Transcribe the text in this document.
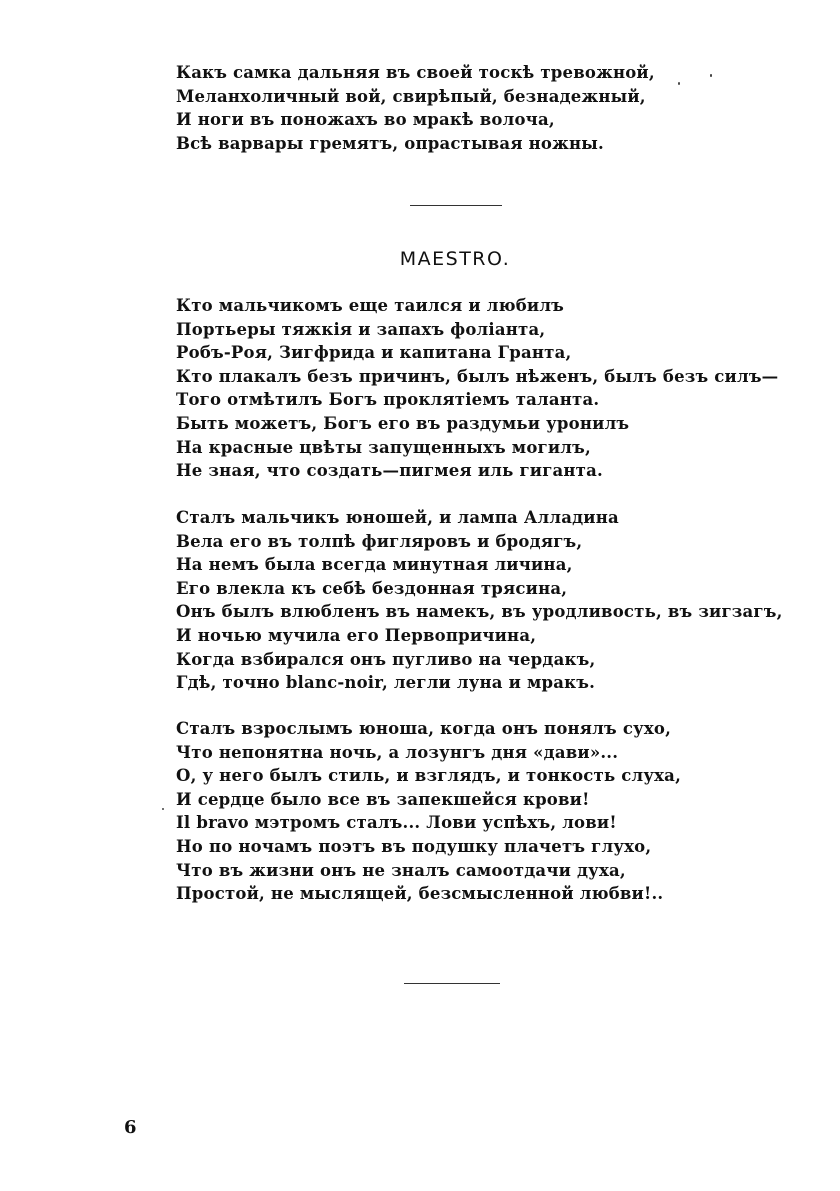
Какъ самка дальняя въ своей тоскѣ тревожной,
Меланхоличный вой, свирѣпый, безнадежный,
И ноги въ поножахъ во мракѣ волоча,
Всѣ варвары гремятъ, опрастывая ножны.
MAESTRO.
Кто мальчикомъ еще таился и любилъ
Портьеры тяжкія и запахъ фоліанта,
Робъ-Роя, Зигфрида и капитана Гранта,
Кто плакалъ безъ причинъ, былъ нѣженъ, былъ безъ силъ—
Того отмѣтилъ Богъ проклятіемъ таланта.
Быть можетъ, Богъ его въ раздумьи уронилъ
На красные цвѣты запущенныхъ могилъ,
Не зная, что создать—пигмея иль гиганта.
Сталъ мальчикъ юношей, и лампа Алладина
Вела его въ толпѣ фигляровъ и бродягъ,
На немъ была всегда минутная личина,
Его влекла къ себѣ бездонная трясина,
Онъ былъ влюбленъ въ намекъ, въ уродливость, въ зигзагъ,
И ночью мучила его Первопричина,
Когда взбирался онъ пугливо на чердакъ,
Гдѣ, точно blanc-noir, легли луна и мракъ.
Сталъ взрослымъ юноша, когда онъ понялъ сухо,
Что непонятна ночь, а лозунгъ дня «дави»...
О, у него былъ стиль, и взглядъ, и тонкость слуха,
И сердце было все въ запекшейся крови!
Il bravo мэтромъ сталъ... Лови успѣхъ, лови!
Но по ночамъ поэтъ въ подушку плачетъ глухо,
Что въ жизни онъ не зналъ самоотдачи духа,
Простой, не мыслящей, безсмысленной любви!..
6
